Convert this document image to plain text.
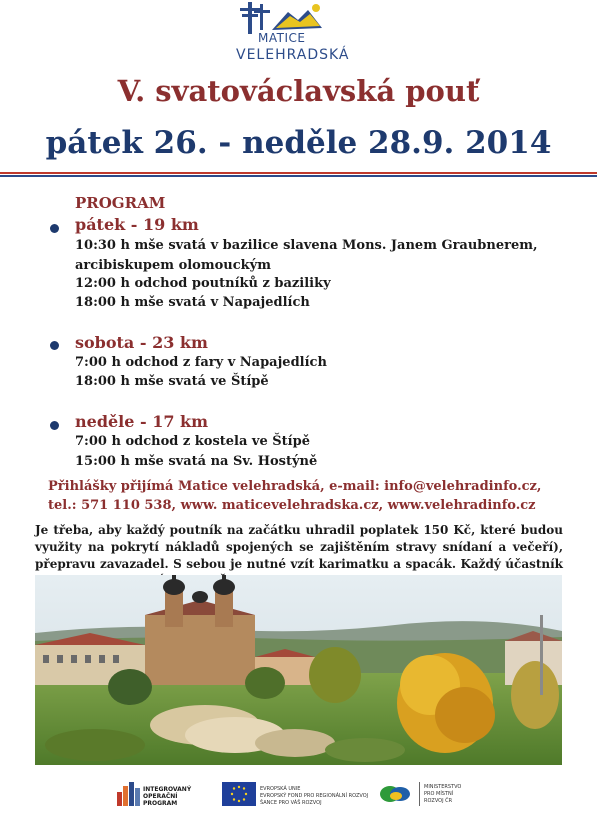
MATICE
VELEHRADSKÁ
V. svatováclavská pouť
pátek 26. - neděle 28.9. 2014
PROGRAM
pátek - 19 km
10:30 h mše svatá v bazilice slavena Mons. Janem Graubnerem,
arcibiskupem olomouckým
12:00 h odchod poutníků z baziliky
18:00 h mše svatá v Napajedlích
sobota - 23 km
7:00 h odchod z fary v Napajedlích
18:00 h mše svatá ve Štípě
neděle - 17 km
7:00 h odchod z kostela ve Štípě
15:00 h mše svatá na Sv. Hostýně
Přihlášky přijímá Matice velehradská, e-mail: info@velehradinfo.cz,
tel.: 571 110 538, www. maticevelehradska.cz, www.velehradinfo.cz
Je třeba, aby každý poutník na začátku uhradil poplatek 150 Kč, které budou využity na pokrytí nákladů spojených se zajištěním stravy snídaní a večeří), přepravu zavazadel. S sebou je nutné vzít karimatku a spacák. Každý účastník
INTEGROVANÝ
OPERAČNÍ
PROGRAM
EVROPSKÁ UNIE
EVROPSKÝ FOND PRO REGIONÁLNÍ ROZVOJ
ŠANCE PRO VÁŠ ROZVOJ
MINISTERSTVO
PRO MÍSTNÍ
ROZVOJ ČR
